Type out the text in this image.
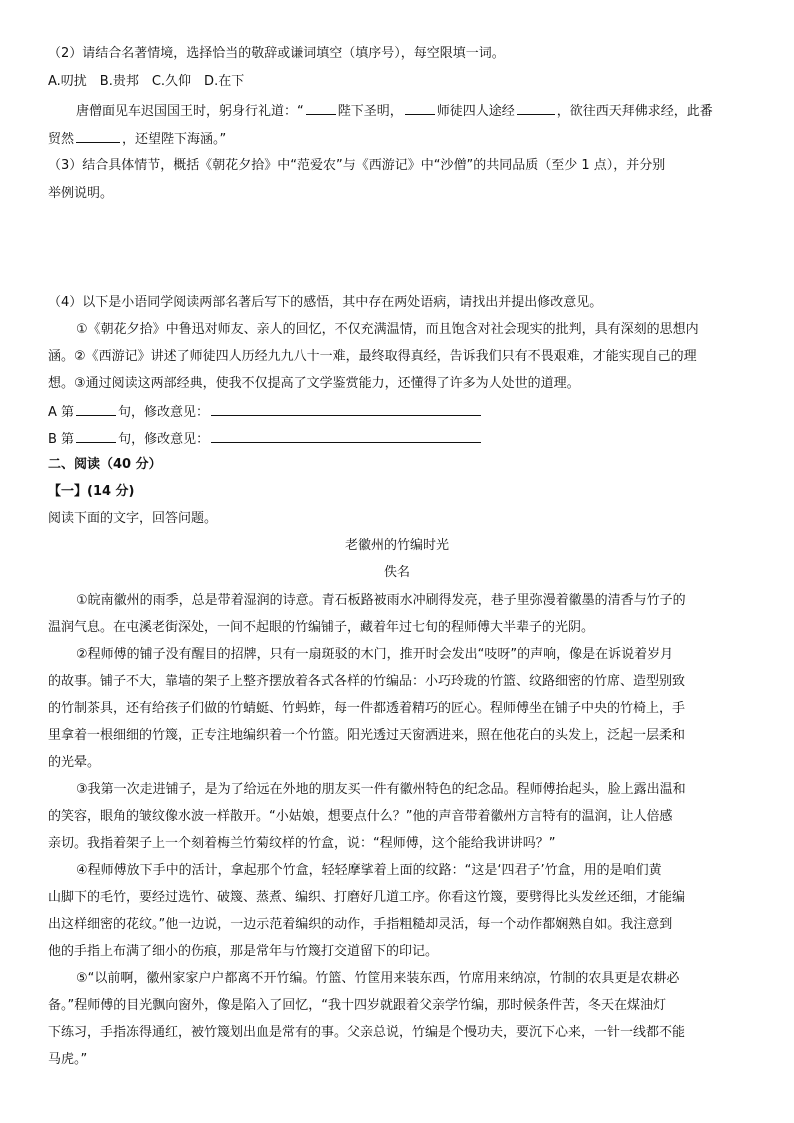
（2）请结合名著情境，选择恰当的敬辞或谦词填空（填序号），每空限填一词。
A.叨扰　B.贵邦　C.久仰　D.在下
唐僧面见车迟国国王时，躬身行礼道：“	陛下圣明，	师徒四人途经	，欲往西天拜佛求经，此番
贸然	，还望陛下海涵。”
（3）结合具体情节，概括《朝花夕拾》中“范爱农”与《西游记》中“沙僧”的共同品质（至少 1 点），并分别
举例说明。
（4）以下是小语同学阅读两部名著后写下的感悟，其中存在两处语病，请找出并提出修改意见。
①《朝花夕拾》中鲁迅对师友、亲人的回忆，不仅充满温情，而且饱含对社会现实的批判，具有深刻的思想内
涵。②《西游记》讲述了师徒四人历经九九八十一难，最终取得真经，告诉我们只有不畏艰难，才能实现自己的理
想。③通过阅读这两部经典，使我不仅提高了文学鉴赏能力，还懂得了许多为人处世的道理。
A 第	句，修改意见：
B 第	句，修改意见：
二、阅读（40 分）
【一】(14 分)
阅读下面的文字，回答问题。
老徽州的竹编时光
佚名
①皖南徽州的雨季，总是带着湿润的诗意。青石板路被雨水冲刷得发亮，巷子里弥漫着徽墨的清香与竹子的
温润气息。在屯溪老街深处，一间不起眼的竹编铺子，藏着年过七旬的程师傅大半辈子的光阴。
②程师傅的铺子没有醒目的招牌，只有一扇斑驳的木门，推开时会发出“吱呀”的声响，像是在诉说着岁月
的故事。铺子不大，靠墙的架子上整齐摆放着各式各样的竹编品：小巧玲珑的竹篮、纹路细密的竹席、造型别致
的竹制茶具，还有给孩子们做的竹蜻蜓、竹蚂蚱，每一件都透着精巧的匠心。程师傅坐在铺子中央的竹椅上，手
里拿着一根细细的竹篾，正专注地编织着一个竹篮。阳光透过天窗洒进来，照在他花白的头发上，泛起一层柔和
的光晕。
③我第一次走进铺子，是为了给远在外地的朋友买一件有徽州特色的纪念品。程师傅抬起头，脸上露出温和
的笑容，眼角的皱纹像水波一样散开。“小姑娘，想要点什么？”他的声音带着徽州方言特有的温润，让人倍感
亲切。我指着架子上一个刻着梅兰竹菊纹样的竹盒，说：“程师傅，这个能给我讲讲吗？”
④程师傅放下手中的活计，拿起那个竹盒，轻轻摩挲着上面的纹路：“这是‘四君子’竹盒，用的是咱们黄
山脚下的毛竹，要经过选竹、破篾、蒸煮、编织、打磨好几道工序。你看这竹篾，要劈得比头发丝还细，才能编
出这样细密的花纹。”他一边说，一边示范着编织的动作，手指粗糙却灵活，每一个动作都娴熟自如。我注意到
他的手指上布满了细小的伤痕，那是常年与竹篾打交道留下的印记。
⑤“以前啊，徽州家家户户都离不开竹编。竹篮、竹筐用来装东西，竹席用来纳凉，竹制的农具更是农耕必
备。”程师傅的目光飘向窗外，像是陷入了回忆，“我十四岁就跟着父亲学竹编，那时候条件苦，冬天在煤油灯
下练习，手指冻得通红，被竹篾划出血是常有的事。父亲总说，竹编是个慢功夫，要沉下心来，一针一线都不能
马虎。”
